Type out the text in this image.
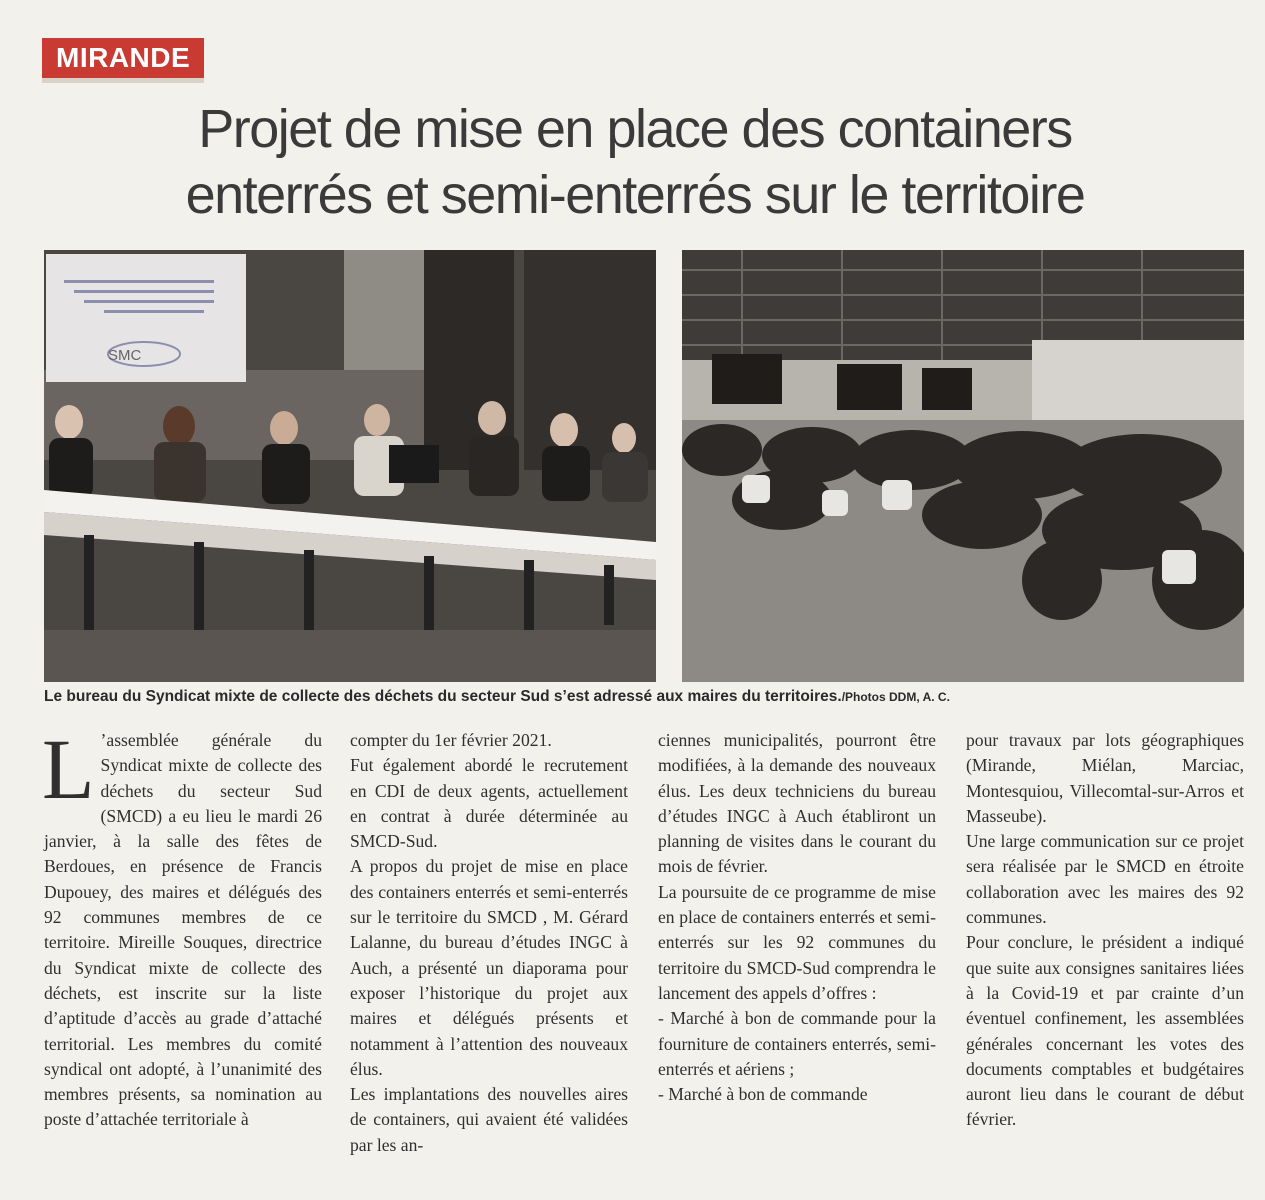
MIRANDE
Projet de mise en place des containers
enterrés et semi-enterrés sur le territoire
SMC
Le bureau du Syndicat mixte de collecte des déchets du secteur Sud s’est adressé aux maires du territoires./Photos DDM, A. C.
L ’assemblée générale du Syndicat mixte de collecte des déchets du secteur Sud (SMCD) a eu lieu le mardi 26 janvier, à la salle des fêtes de Berdoues, en présence de Francis Dupouey, des maires et délégués des 92 communes membres de ce territoire. Mireille Souques, directrice du Syndicat mixte de collecte des déchets, est inscrite sur la liste d’aptitude d’accès au grade d’attaché territorial. Les membres du comité syndical ont adopté, à l’unanimité des membres présents, sa nomination au poste d’attachée territoriale à

compter du 1er février 2021.

Fut également abordé le recrutement en CDI de deux agents, actuellement en contrat à durée déterminée au SMCD-Sud.

A propos du projet de mise en place des containers enterrés et semi-enterrés sur le territoire du SMCD , M. Gérard Lalanne, du bureau d’études INGC à Auch, a présenté un diaporama pour exposer l’historique du projet aux maires et délégués présents et notamment à l’attention des nouveaux élus.

Les implantations des nouvelles aires de containers, qui avaient été validées par les an-

ciennes municipalités, pourront être modifiées, à la demande des nouveaux élus. Les deux techniciens du bureau d’études INGC à Auch établiront un planning de visites dans le courant du mois de février.

La poursuite de ce programme de mise en place de containers enterrés et semi-enterrés sur les 92 communes du territoire du SMCD-Sud comprendra le lancement des appels d’offres :

- Marché à bon de commande pour la fourniture de containers enterrés, semi-enterrés et aériens ;

- Marché à bon de commande

pour travaux par lots géographiques (Mirande, Miélan, Marciac, Montesquiou, Villecomtal-sur-Arros et Masseube).

Une large communication sur ce projet sera réalisée par le SMCD en étroite collaboration avec les maires des 92 communes.

Pour conclure, le président a indiqué que suite aux consignes sanitaires liées à la Covid-19 et par crainte d’un éventuel confinement, les assemblées générales concernant les votes des documents comptables et budgétaires auront lieu dans le courant de début février.
